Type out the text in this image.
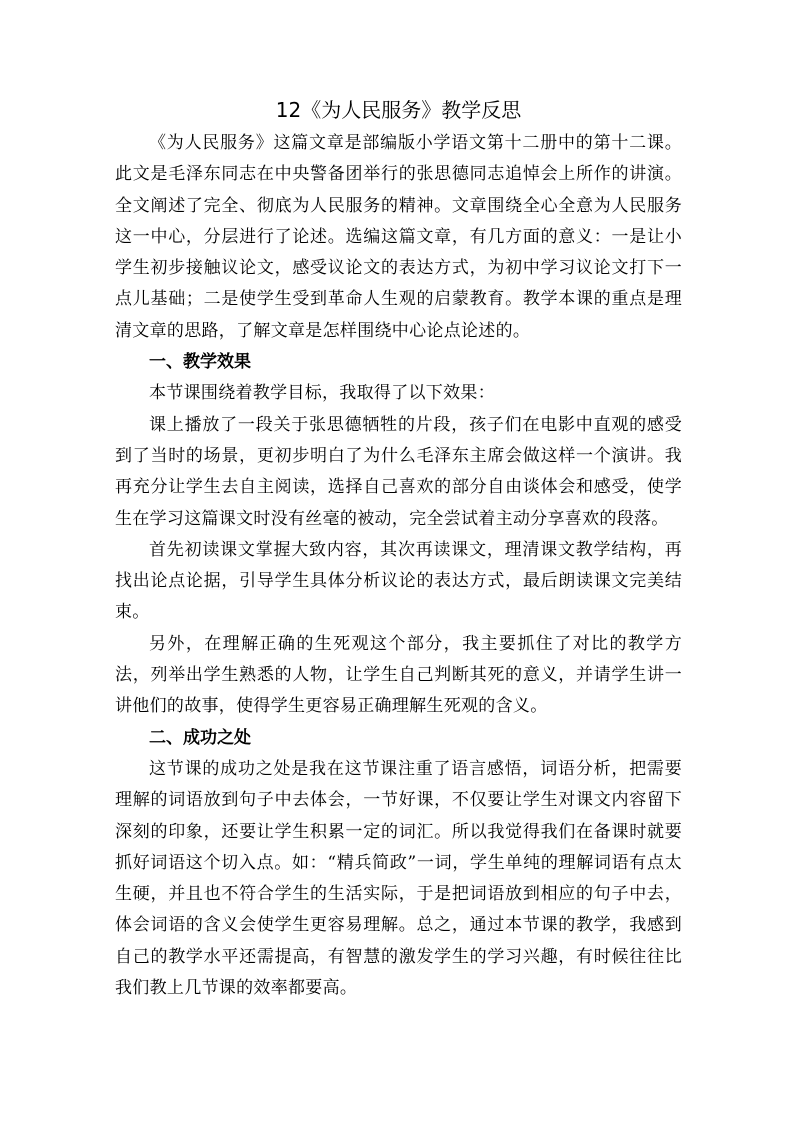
12《为人民服务》教学反思

《为人民服务》这篇文章是部编版小学语文第十二册中的第十二课。此文是毛泽东同志在中央警备团举行的张思德同志追悼会上所作的讲演。全文阐述了完全、彻底为人民服务的精神。文章围绕全心全意为人民服务这一中心，分层进行了论述。选编这篇文章，有几方面的意义：一是让小学生初步接触议论文，感受议论文的表达方式，为初中学习议论文打下一点儿基础；二是使学生受到革命人生观的启蒙教育。教学本课的重点是理清文章的思路，了解文章是怎样围绕中心论点论述的。

一、教学效果

本节课围绕着教学目标，我取得了以下效果：

课上播放了一段关于张思德牺牲的片段，孩子们在电影中直观的感受到了当时的场景，更初步明白了为什么毛泽东主席会做这样一个演讲。我再充分让学生去自主阅读，选择自己喜欢的部分自由谈体会和感受，使学生在学习这篇课文时没有丝毫的被动，完全尝试着主动分享喜欢的段落。

首先初读课文掌握大致内容，其次再读课文，理清课文教学结构，再找出论点论据，引导学生具体分析议论的表达方式，最后朗读课文完美结束。

另外，在理解正确的生死观这个部分，我主要抓住了对比的教学方法，列举出学生熟悉的人物，让学生自己判断其死的意义，并请学生讲一讲他们的故事，使得学生更容易正确理解生死观的含义。

二、成功之处

这节课的成功之处是我在这节课注重了语言感悟，词语分析，把需要理解的词语放到句子中去体会，一节好课，不仅要让学生对课文内容留下深刻的印象，还要让学生积累一定的词汇。所以我觉得我们在备课时就要抓好词语这个切入点。如：“精兵简政”一词，学生单纯的理解词语有点太生硬，并且也不符合学生的生活实际，于是把词语放到相应的句子中去，体会词语的含义会使学生更容易理解。总之，通过本节课的教学，我感到自己的教学水平还需提高，有智慧的激发学生的学习兴趣，有时候往往比我们教上几节课的效率都要高。
